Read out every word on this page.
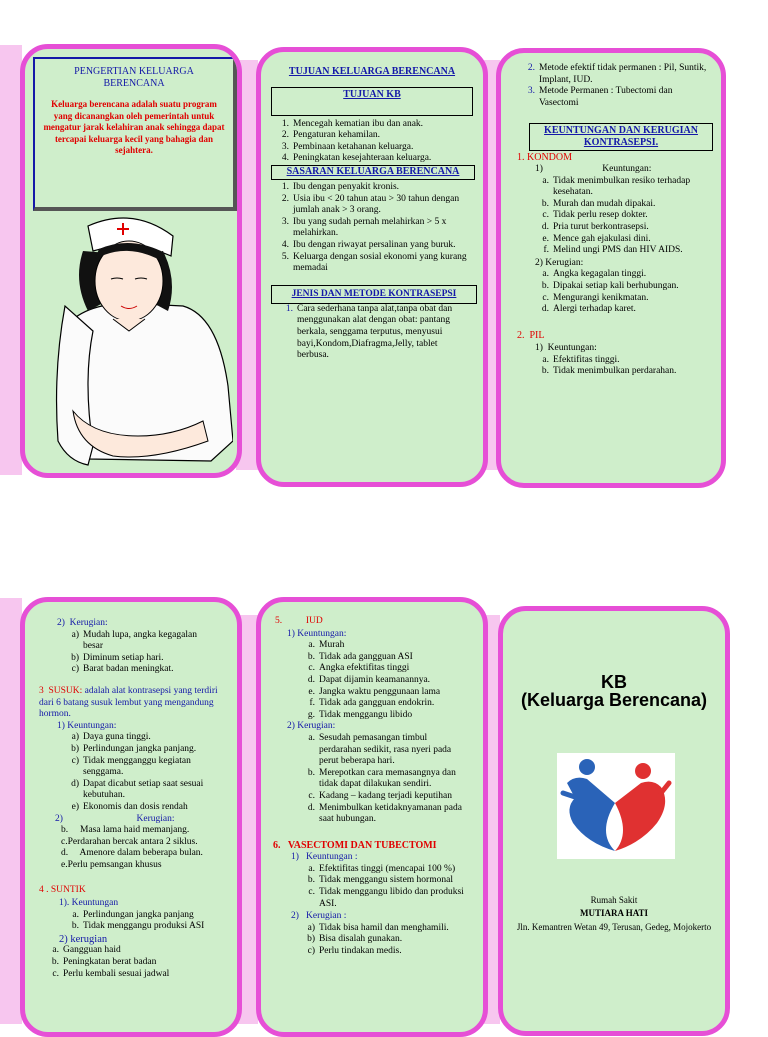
PENGERTIAN KELUARGA BERENCANA
Keluarga berencana adalah suatu program yang dicanangkan oleh pemerintah untuk mengatur jarak kelahiran anak sehingga dapat tercapai keluarga kecil yang bahagia dan sejahtera.
TUJUAN KELUARGA BERENCANA
TUJUAN KB
1. Mencegah kematian ibu dan anak.
2. Pengaturan kehamilan.
3. Pembinaan ketahanan keluarga.
4. Peningkatan kesejahteraan keluarga.
SASARAN KELUARGA BERENCANA
1. Ibu dengan penyakit kronis.
2. Usia ibu < 20 tahun atau > 30 tahun dengan jumlah anak > 3 orang.
3. Ibu yang sudah pernah melahirkan > 5 x melahirkan.
4. Ibu dengan riwayat persalinan yang buruk.
5. Keluarga dengan sosial ekonomi yang kurang memadai
JENIS DAN METODE KONTRASEPSI
1. Cara sederhana tanpa alat,tanpa obat dan menggunakan alat dengan obat: pantang berkala, senggama terputus, menyusui bayi,Kondom,Diafragma,Jelly, tablet berbusa.
2. Metode efektif tidak permanen : Pil, Suntik, Implant, IUD.
3. Metode Permanen : Tubectomi dan Vasectomi
KEUNTUNGAN DAN KERUGIAN KONTRASEPSI.
1. KONDOM
1)                         Keuntungan:
a. Tidak menimbulkan resiko terhadap kesehatan.
b. Murah dan mudah dipakai.
c. Tidak perlu resep dokter.
d. Pria turut berkontrasepsi.
e. Mence gah ejakulasi dini.
f. Melind ungi PMS dan HIV AIDS.
2) Kerugian:
a. Angka kegagalan tinggi.
b. Dipakai setiap kali berhubungan.
c. Mengurangi kenikmatan.
d. Alergi terhadap karet.
2.  PIL
1)  Keuntungan:
a. Efektifitas tinggi.
b. Tidak menimbulkan perdarahan.
2)  Kerugian:
a) Mudah lupa, angka kegagalan besar
b) Diminum setiap hari.
c) Barat badan meningkat.
3  SUSUK: adalah alat kontrasepsi yang terdiri dari 6 batang susuk lembut yang mengandung hormon.
1) Keuntungan:
a) Daya guna tinggi.
b) Perlindungan jangka panjang.
c) Tidak mengganggu kegiatan senggama.
d) Dapat dicabut setiap saat sesuai kebutuhan.
e) Ekonomis dan dosis rendah
2)                               Kerugian:
b.     Masa lama haid memanjang.
c.Perdarahan bercak antara 2 siklus.
d.     Amenore dalam beberapa bulan.
e.Perlu pemsangan khusus
4 . SUNTIK
1). Keuntungan
a. Perlindungan jangka panjang
b. Tidak menggangu produksi ASI
2) kerugian
a. Gangguan haid
b. Peningkatan berat badan
c. Perlu kembali sesuai jadwal
5.          IUD
1) Keuntungan:
a. Murah
b. Tidak ada gangguan ASI
c. Angka efektifitas tinggi
d. Dapat dijamin keamanannya.
e. Jangka waktu penggunaan lama
f. Tidak ada gangguan endokrin.
g. Tidak menggangu libido
2) Kerugian:
a. Sesudah pemasangan timbul perdarahan sedikit, rasa nyeri pada perut beberapa hari.
b. Merepotkan cara memasangnya dan tidak dapat dilakukan sendiri.
c. Kadang – kadang terjadi keputihan
d. Menimbulkan ketidaknyamanan pada saat hubungan.
6.   VASECTOMI DAN TUBECTOMI
1)   Keuntungan :
a. Efektifitas tinggi (mencapai 100 %)
b. Tidak menggangu sistem hormonal
c. Tidak menggangu libido dan produksi ASI.
2)   Kerugian :
a) Tidak bisa hamil dan menghamili.
b) Bisa disalah gunakan.
c) Perlu tindakan medis.
KB
(Keluarga Berencana)
Rumah Sakit
MUTIARA HATI
Jln. Kemantren Wetan 49, Terusan, Gedeg, Mojokerto
